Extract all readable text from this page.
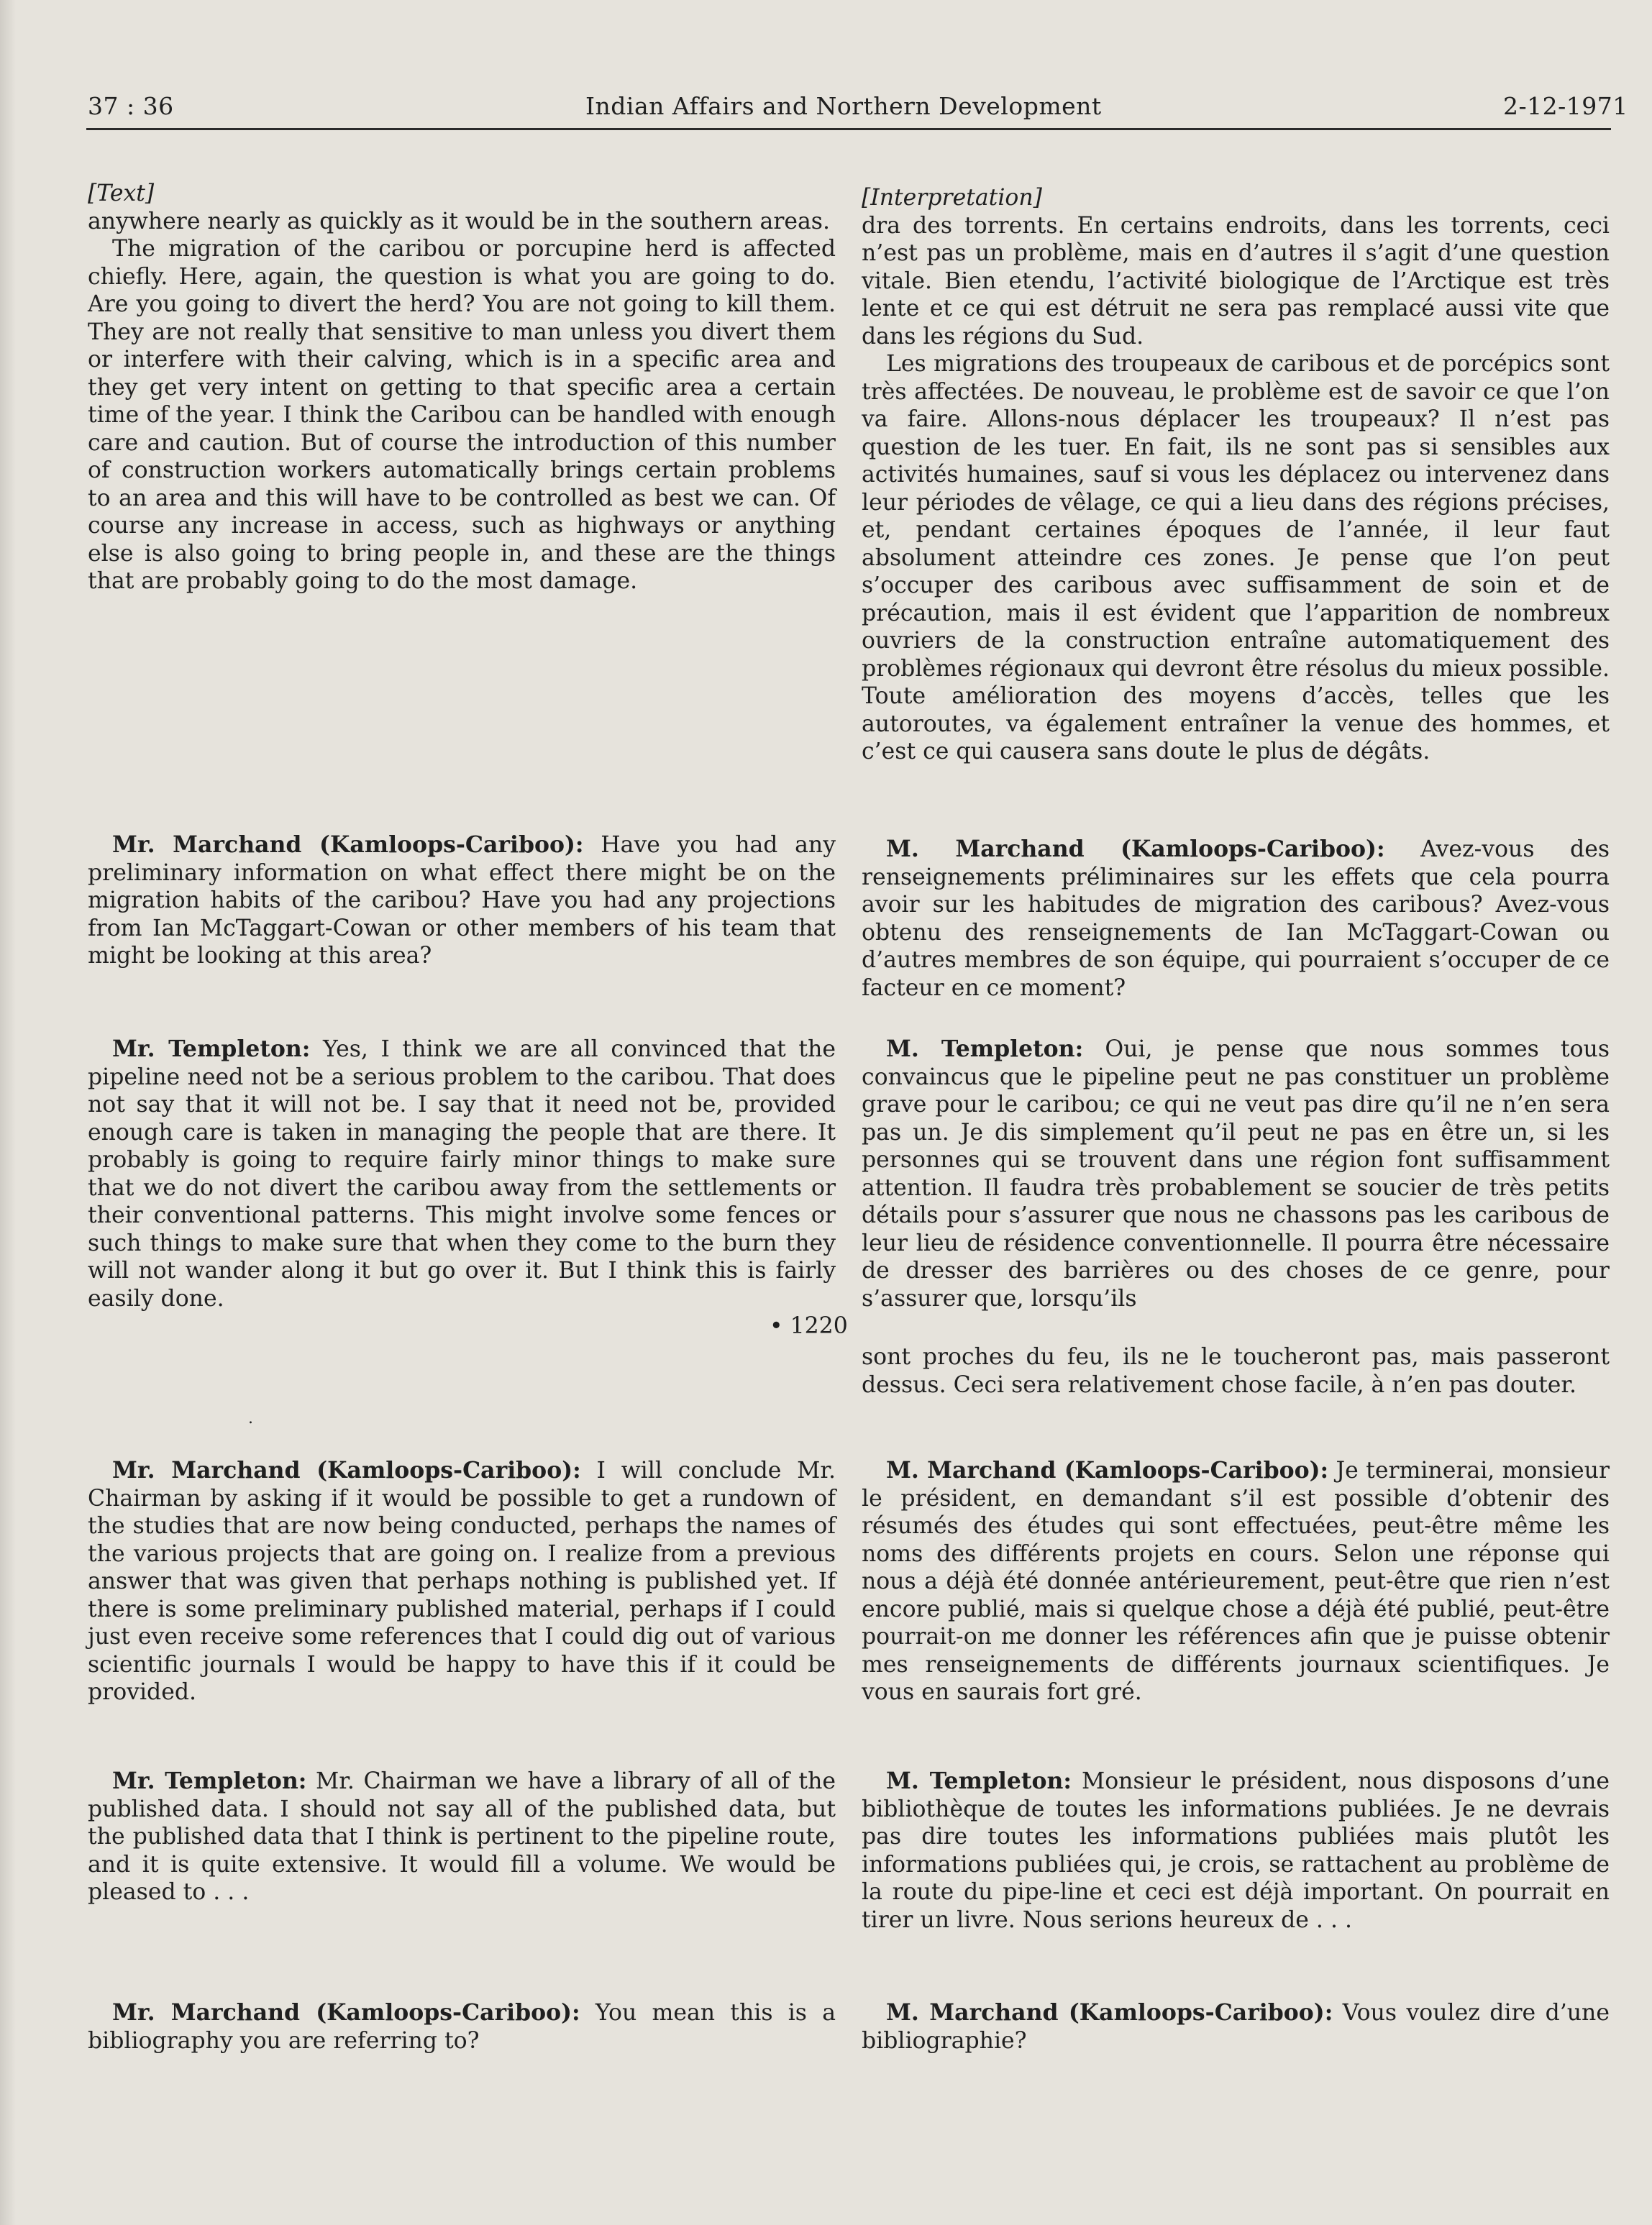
37 : 36	Indian Affairs and Northern Development	2-12-1971

[Text]

anywhere nearly as quickly as it would be in the southern areas.

The migration of the caribou or porcupine herd is affected chiefly. Here, again, the question is what you are going to do. Are you going to divert the herd? You are not going to kill them. They are not really that sensitive to man unless you divert them or interfere with their calving, which is in a specific area and they get very intent on getting to that specific area a certain time of the year. I think the Caribou can be handled with enough care and caution. But of course the introduction of this number of construction workers automatically brings certain problems to an area and this will have to be controlled as best we can. Of course any increase in access, such as highways or anything else is also going to bring people in, and these are the things that are probably going to do the most damage.

Mr. Marchand (Kamloops-Cariboo): Have you had any preliminary information on what effect there might be on the migration habits of the caribou? Have you had any projections from Ian McTaggart-Cowan or other members of his team that might be looking at this area?

Mr. Templeton: Yes, I think we are all convinced that the pipeline need not be a serious problem to the caribou. That does not say that it will not be. I say that it need not be, provided enough care is taken in managing the people that are there. It probably is going to require fairly minor things to make sure that we do not divert the caribou away from the settlements or their conventional patterns. This might involve some fences or such things to make sure that when they come to the burn they will not wander along it but go over it. But I think this is fairly easily done.

• 1220
.

Mr. Marchand (Kamloops-Cariboo): I will conclude Mr. Chairman by asking if it would be possible to get a rundown of the studies that are now being conducted, perhaps the names of the various projects that are going on. I realize from a previous answer that was given that perhaps nothing is published yet. If there is some preliminary published material, perhaps if I could just even receive some references that I could dig out of various scientific journals I would be happy to have this if it could be provided.

Mr. Templeton: Mr. Chairman we have a library of all of the published data. I should not say all of the published data, but the published data that I think is pertinent to the pipeline route, and it is quite extensive. It would fill a volume. We would be pleased to . . .

Mr. Marchand (Kamloops-Cariboo): You mean this is a bibliography you are referring to?

[Interpretation]

dra des torrents. En certains endroits, dans les torrents, ceci n’est pas un problème, mais en d’autres il s’agit d’une question vitale. Bien etendu, l’activité biologique de l’Arctique est très lente et ce qui est détruit ne sera pas remplacé aussi vite que dans les régions du Sud.

Les migrations des troupeaux de caribous et de porcépics sont très affectées. De nouveau, le problème est de savoir ce que l’on va faire. Allons-nous déplacer les troupeaux? Il n’est pas question de les tuer. En fait, ils ne sont pas si sensibles aux activités humaines, sauf si vous les déplacez ou intervenez dans leur périodes de vêlage, ce qui a lieu dans des régions précises, et, pendant certaines époques de l’année, il leur faut absolument atteindre ces zones. Je pense que l’on peut s’occuper des caribous avec suffisamment de soin et de précaution, mais il est évident que l’apparition de nombreux ouvriers de la construction entraîne automatiquement des problèmes régionaux qui devront être résolus du mieux possible. Toute amélioration des moyens d’accès, telles que les autoroutes, va également entraîner la venue des hommes, et c’est ce qui causera sans doute le plus de dégâts.

M. Marchand (Kamloops-Cariboo): Avez-vous des renseignements préliminaires sur les effets que cela pourra avoir sur les habitudes de migration des caribous? Avez-vous obtenu des renseignements de Ian McTaggart-Cowan ou d’autres membres de son équipe, qui pourraient s’occuper de ce facteur en ce moment?

M. Templeton: Oui, je pense que nous sommes tous convaincus que le pipeline peut ne pas constituer un problème grave pour le caribou; ce qui ne veut pas dire qu’il ne n’en sera pas un. Je dis simplement qu’il peut ne pas en être un, si les personnes qui se trouvent dans une région font suffisamment attention. Il faudra très probablement se soucier de très petits détails pour s’assurer que nous ne chassons pas les caribous de leur lieu de résidence conventionnelle. Il pourra être nécessaire de dresser des barrières ou des choses de ce genre, pour s’assurer que, lorsqu’ils

sont proches du feu, ils ne le toucheront pas, mais passeront dessus. Ceci sera relativement chose facile, à n’en pas douter.

M. Marchand (Kamloops-Cariboo): Je terminerai, monsieur le président, en demandant s’il est possible d’obtenir des résumés des études qui sont effectuées, peut-être même les noms des différents projets en cours. Selon une réponse qui nous a déjà été donnée antérieurement, peut-être que rien n’est encore publié, mais si quelque chose a déjà été publié, peut-être pourrait-on me donner les références afin que je puisse obtenir mes renseignements de différents journaux scientifiques. Je vous en saurais fort gré.

M. Templeton: Monsieur le président, nous disposons d’une bibliothèque de toutes les informations publiées. Je ne devrais pas dire toutes les informations publiées mais plutôt les informations publiées qui, je crois, se rattachent au problème de la route du pipe-line et ceci est déjà important. On pourrait en tirer un livre. Nous serions heureux de . . .

M. Marchand (Kamloops-Cariboo): Vous voulez dire d’une bibliographie?
